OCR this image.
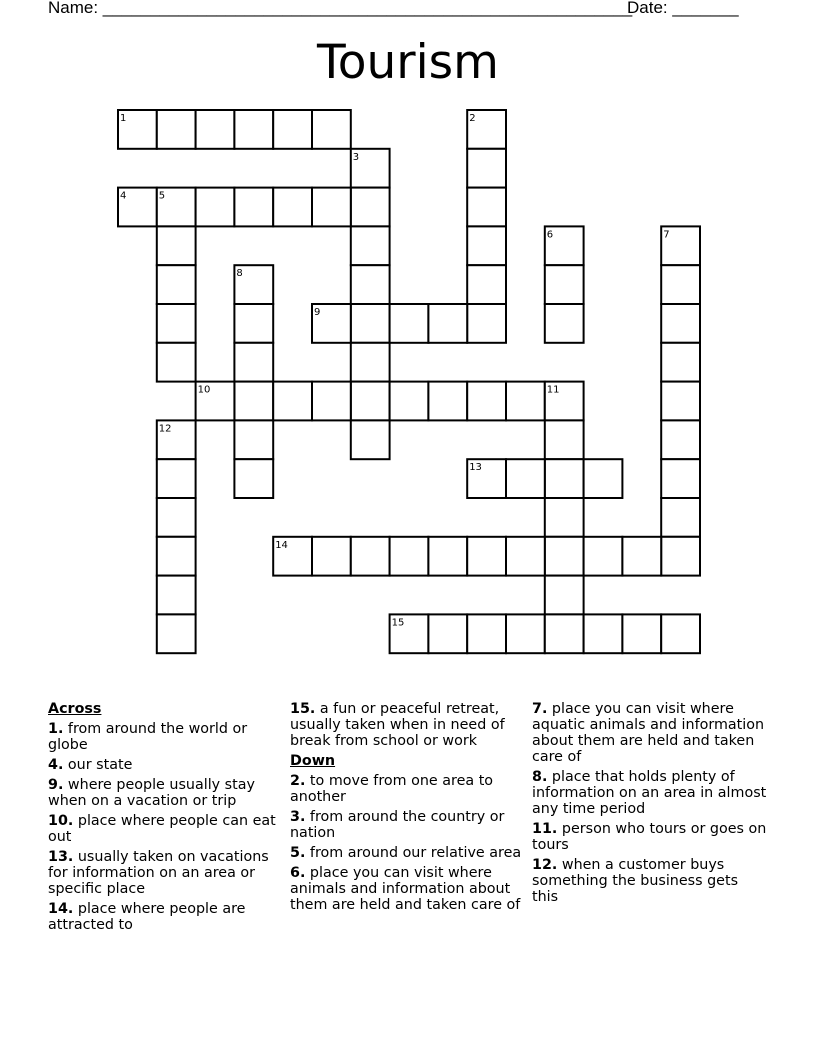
Name: ________________________________________________________
Date: _______
Tourism
1	2
3
4	5
6	7
8
9
10	11
12
13
14
15
Across
1. from around the world or globe
4. our state
9. where people usually stay when on a vacation or trip
10. place where people can eat out
13. usually taken on vacations for information on an area or specific place
14. place where people are attracted to
15. a fun or peaceful retreat, usually taken when in need of break from school or work
Down
2. to move from one area to another
3. from around the country or nation
5. from around our relative area
6. place you can visit where animals and information about them are held and taken care of
7. place you can visit where aquatic animals and information about them are held and taken care of
8. place that holds plenty of information on an area in almost any time period
11. person who tours or goes on tours
12. when a customer buys something the business gets this
